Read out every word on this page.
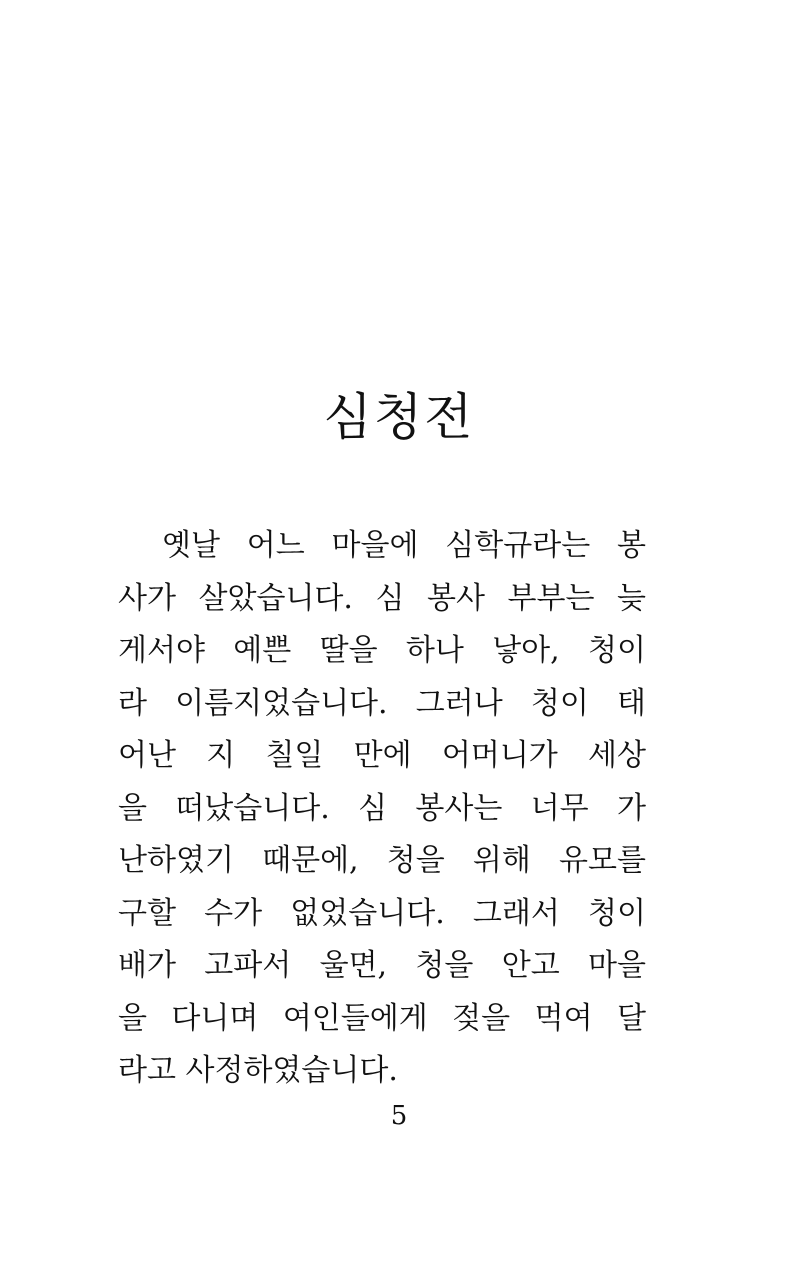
심청전
옛날 어느 마을에 심학규라는 봉
사가 살았습니다. 심 봉사 부부는 늦
게서야 예쁜 딸을 하나 낳아, 청이
라 이름지었습니다. 그러나 청이 태
어난 지 칠일 만에 어머니가 세상
을 떠났습니다. 심 봉사는 너무 가
난하였기 때문에, 청을 위해 유모를
구할 수가 없었습니다. 그래서 청이
배가 고파서 울면, 청을 안고 마을
을 다니며 여인들에게 젖을 먹여 달
라고 사정하였습니다.
5
